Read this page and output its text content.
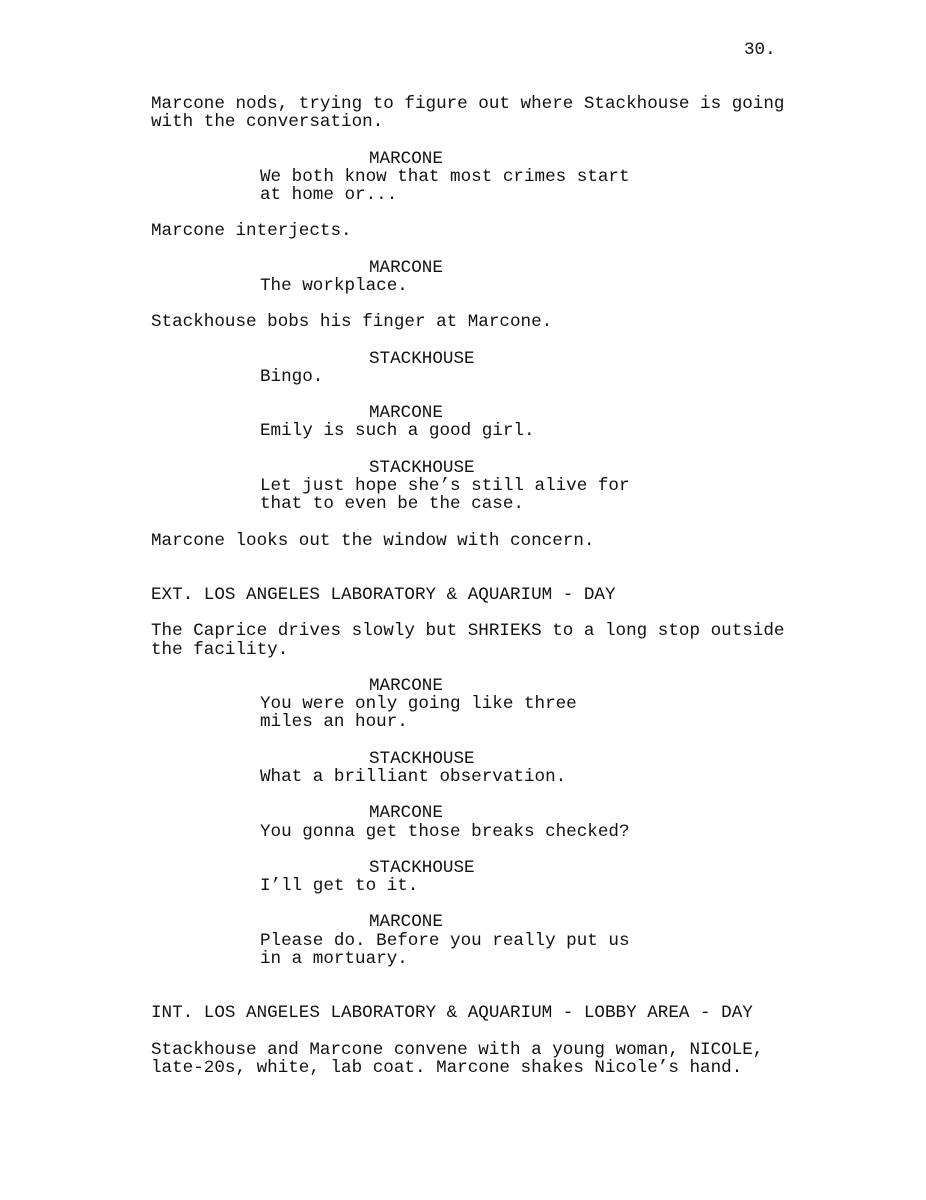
30.
Marcone nods, trying to figure out where Stackhouse is going
with the conversation.
MARCONE
We both know that most crimes start
at home or...
Marcone interjects.
MARCONE
The workplace.
Stackhouse bobs his finger at Marcone.
STACKHOUSE
Bingo.
MARCONE
Emily is such a good girl.
STACKHOUSE
Let just hope she’s still alive for
that to even be the case.
Marcone looks out the window with concern.
EXT. LOS ANGELES LABORATORY & AQUARIUM - DAY
The Caprice drives slowly but SHRIEKS to a long stop outside
the facility.
MARCONE
You were only going like three
miles an hour.
STACKHOUSE
What a brilliant observation.
MARCONE
You gonna get those breaks checked?
STACKHOUSE
I’ll get to it.
MARCONE
Please do. Before you really put us
in a mortuary.
INT. LOS ANGELES LABORATORY & AQUARIUM - LOBBY AREA - DAY
Stackhouse and Marcone convene with a young woman, NICOLE,
late-20s, white, lab coat. Marcone shakes Nicole’s hand.
